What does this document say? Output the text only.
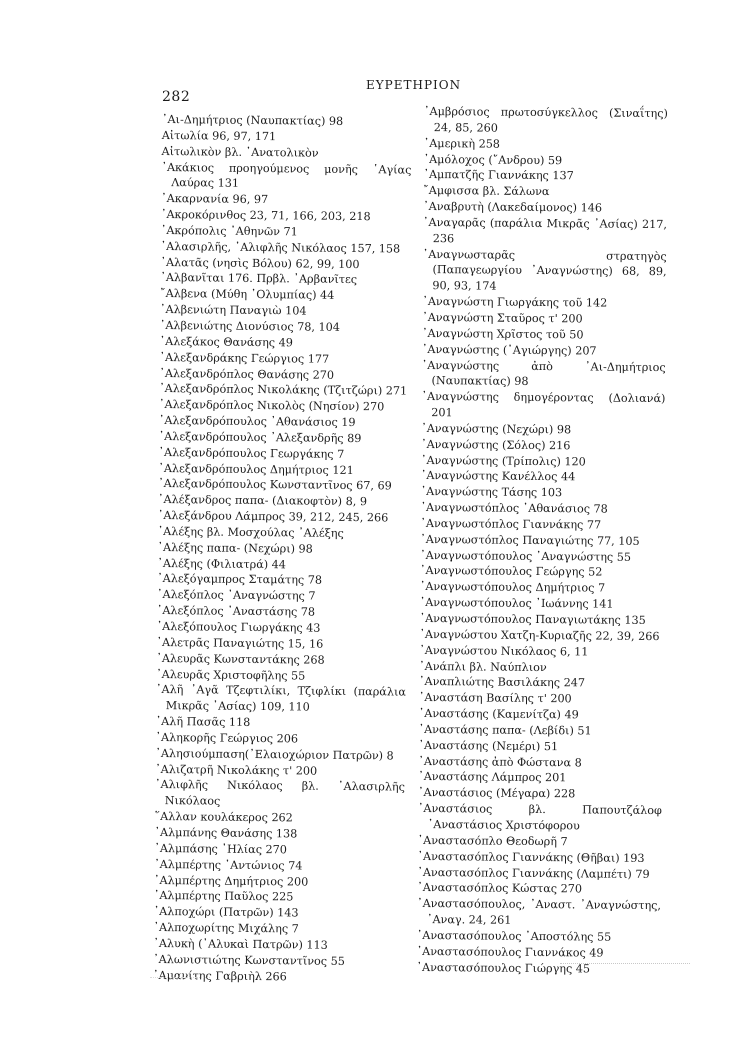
282
ΕΥΡΕΤΗΡΙΟΝ
᾿Αι-Δημήτριος (Ναυπακτίας) 98
Αἰτωλία 96, 97, 171
Αἰτωλικὸν βλ. ᾿Ανατολικὸν
᾿Ακάκιος προηγούμενος μονῆς ῾Αγίας Λαύρας 131
᾿Ακαρνανία 96, 97
᾿Ακροκόρινθος 23, 71, 166, 203, 218
᾿Ακρόπολις ᾿Αθηνῶν 71
᾿Αλασιρλῆς, ᾿Αλιφλῆς Νικόλαος 157, 158
᾿Αλατᾶς (νησὶς Βόλου) 62, 99, 100
᾿Αλβανῖται 176. Πρβλ. ᾿Αρβανῖτες
῎Αλβενα (Μύθη ᾿Ολυμπίας) 44
᾿Αλβενιώτη Παναγιὼ 104
᾿Αλβενιώτης Διονύσιος 78, 104
᾿Αλεξάκος Θανάσης 49
᾿Αλεξανδράκης Γεώργιος 177
᾿Αλεξανδρόπλος Θανάσης 270
᾿Αλεξανδρόπλος Νικολάκης (Τζιτζώρι) 271
᾿Αλεξανδρόπλος Νικολὸς (Νησίον) 270
᾿Αλεξανδρόπουλος ᾿Αθανάσιος 19
᾿Αλεξανδρόπουλος ᾿Αλεξανδρῆς 89
᾿Αλεξανδρόπουλος Γεωργάκης 7
᾿Αλεξανδρόπουλος Δημήτριος 121
᾿Αλεξανδρόπουλος Κωνσταντῖνος 67, 69
᾿Αλέξανδρος παπα- (Διακοφτὸν) 8, 9
᾿Αλεξάνδρου Λάμπρος 39, 212, 245, 266
᾿Αλέξης βλ. Μοσχούλας ᾿Αλέξης
᾿Αλέξης παπα- (Νεχώρι) 98
᾿Αλέξης (Φιλιατρά) 44
᾿Αλεξόγαμπρος Σταμάτης 78
᾿Αλεξόπλος ᾿Αναγνώστης 7
᾿Αλεξόπλος ᾿Αναστάσης 78
᾿Αλεξόπουλος Γιωργάκης 43
᾿Αλετρᾶς Παναγιώτης 15, 16
᾿Αλευρᾶς Κωνσταντάκης 268
᾿Αλευρᾶς Χριστοφῆλης 55
᾿Αλῆ ᾿Αγᾶ Τζεφτιλίκι, Τζιφλίκι (παράλια Μικρᾶς ᾿Ασίας) 109, 110
᾿Αλῆ Πασᾶς 118
᾿Αληκορῆς Γεώργιος 206
᾿Αλησιούμπαση(᾿Ελαιοχώριον Πατρῶν) 8
᾿Αλιζατρῆ Νικολάκης τ' 200
᾿Αλιφλῆς Νικόλαος βλ. ᾿Αλασιρλῆς Νικόλαος
῞Αλλαν κουλάκερος 262
᾿Αλμπάνης Θανάσης 138
᾿Αλμπάσης ᾿Ηλίας 270
᾿Αλμπέρτης ᾿Αντώνιος 74
᾿Αλμπέρτης Δημήτριος 200
᾿Αλμπέρτης Παῦλος 225
᾿Αλποχώρι (Πατρῶν) 143
᾿Αλποχωρίτης Μιχάλης 7
᾿Αλυκὴ (᾿Αλυκαὶ Πατρῶν) 113
᾿Αλωνιστιώτης Κωνσταντῖνος 55
᾿Αμανίτης Γαβριὴλ 266
᾿Αμβρόσιος πρωτοσύγκελλος (Σιναΐτης) 24, 85, 260
᾿Αμερικὴ 258
᾿Αμόλοχος (῎Ανδρου) 59
᾿Αμπατζῆς Γιαννάκης 137
῎Αμφισσα βλ. Σάλωνα
᾿Αναβρυτὴ (Λακεδαίμονος) 146
᾿Αναγαρᾶς (παράλια Μικρᾶς ᾿Ασίας) 217, 236
᾿Αναγνωσταρᾶς στρατηγὸς (Παπαγεωργίου ᾿Αναγνώστης) 68, 89, 90, 93, 174
᾿Αναγνώστη Γιωργάκης τοῦ 142
᾿Αναγνώστη Σταῦρος τ' 200
᾿Αναγνώστη Χρῖστος τοῦ 50
᾿Αναγνώστης (᾿Αγιώργης) 207
᾿Αναγνώστης ἀπὸ ᾿Αι-Δημήτριος (Ναυπακτίας) 98
᾿Αναγνώστης δημογέροντας (Δολιανά) 201
᾿Αναγνώστης (Νεχώρι) 98
᾿Αναγνώστης (Σόλος) 216
᾿Αναγνώστης (Τρίπολις) 120
᾿Αναγνώστης Κανέλλος 44
᾿Αναγνώστης Τάσης 103
᾿Αναγνωστόπλος ᾿Αθανάσιος 78
᾿Αναγνωστόπλος Γιαννάκης 77
᾿Αναγνωστόπλος Παναγιώτης 77, 105
᾿Αναγνωστόπουλος ᾿Αναγνώστης 55
᾿Αναγνωστόπουλος Γεώργης 52
᾿Αναγνωστόπουλος Δημήτριος 7
᾿Αναγνωστόπουλος ᾿Ιωάννης 141
᾿Αναγνωστόπουλος Παναγιωτάκης 135
᾿Αναγνώστου Χατζη-Κυριαζῆς 22, 39, 266
᾿Αναγνώστου Νικόλαος 6, 11
᾿Ανάπλι βλ. Ναύπλιον
᾿Αναπλιώτης Βασιλάκης 247
᾿Αναστάση Βασίλης τ' 200
᾿Αναστάσης (Καμενίτζα) 49
᾿Αναστάσης παπα- (Λεβίδι) 51
᾿Αναστάσης (Νεμέρι) 51
᾿Αναστάσης ἀπὸ Φώστανα 8
᾿Αναστάσης Λάμπρος 201
᾿Αναστάσιος (Μέγαρα) 228
᾿Αναστάσιος βλ. Παπουτζάλοφ ᾿Αναστάσιος Χριστόφορου
᾿Αναστασόπλο Θεοδωρῆ 7
᾿Αναστασόπλος Γιαννάκης (Θῆβαι) 193
᾿Αναστασόπλος Γιαννάκης (Λαμπέτι) 79
᾿Αναστασόπλος Κώστας 270
᾿Αναστασόπουλος, ᾿Αναστ. ᾿Αναγνώστης, ᾿Αναγ. 24, 261
᾿Αναστασόπουλος ᾿Αποστόλης 55
᾿Αναστασόπουλος Γιαννάκος 49
᾿Αναστασόπουλος Γιώργης 45
